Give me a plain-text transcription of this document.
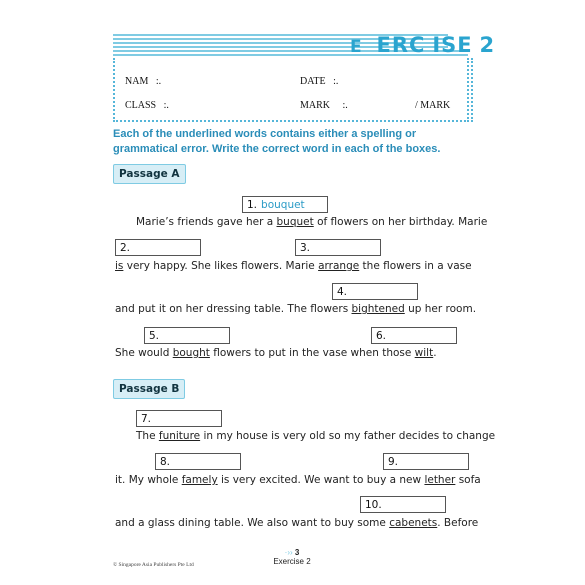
E ERC ISE 2
NAM :.	DATE :.
CLASS :.	MARK :.	/ MARK
Each of the underlined words contains either a spelling or grammatical error. Write the correct word in each of the boxes.
Passage A
1. bouquet
Marie’s friends gave her a buquet of flowers on her birthday. Marie
2.	3.
is very happy. She likes flowers. Marie arrange the flowers in a vase
4.
and put it on her dressing table. The flowers bightened up her room.
5.	6.
She would bought flowers to put in the vase when those wilt.
Passage B
7.
The funiture in my house is very old so my father decides to change
8.	9.
it. My whole famely is very excited. We want to buy a new lether sofa
10.
and a glass dining table. We also want to buy some cabenets. Before
© Singapore Asia Publishers Pte Ltd
·›› 3
Exercise 2
